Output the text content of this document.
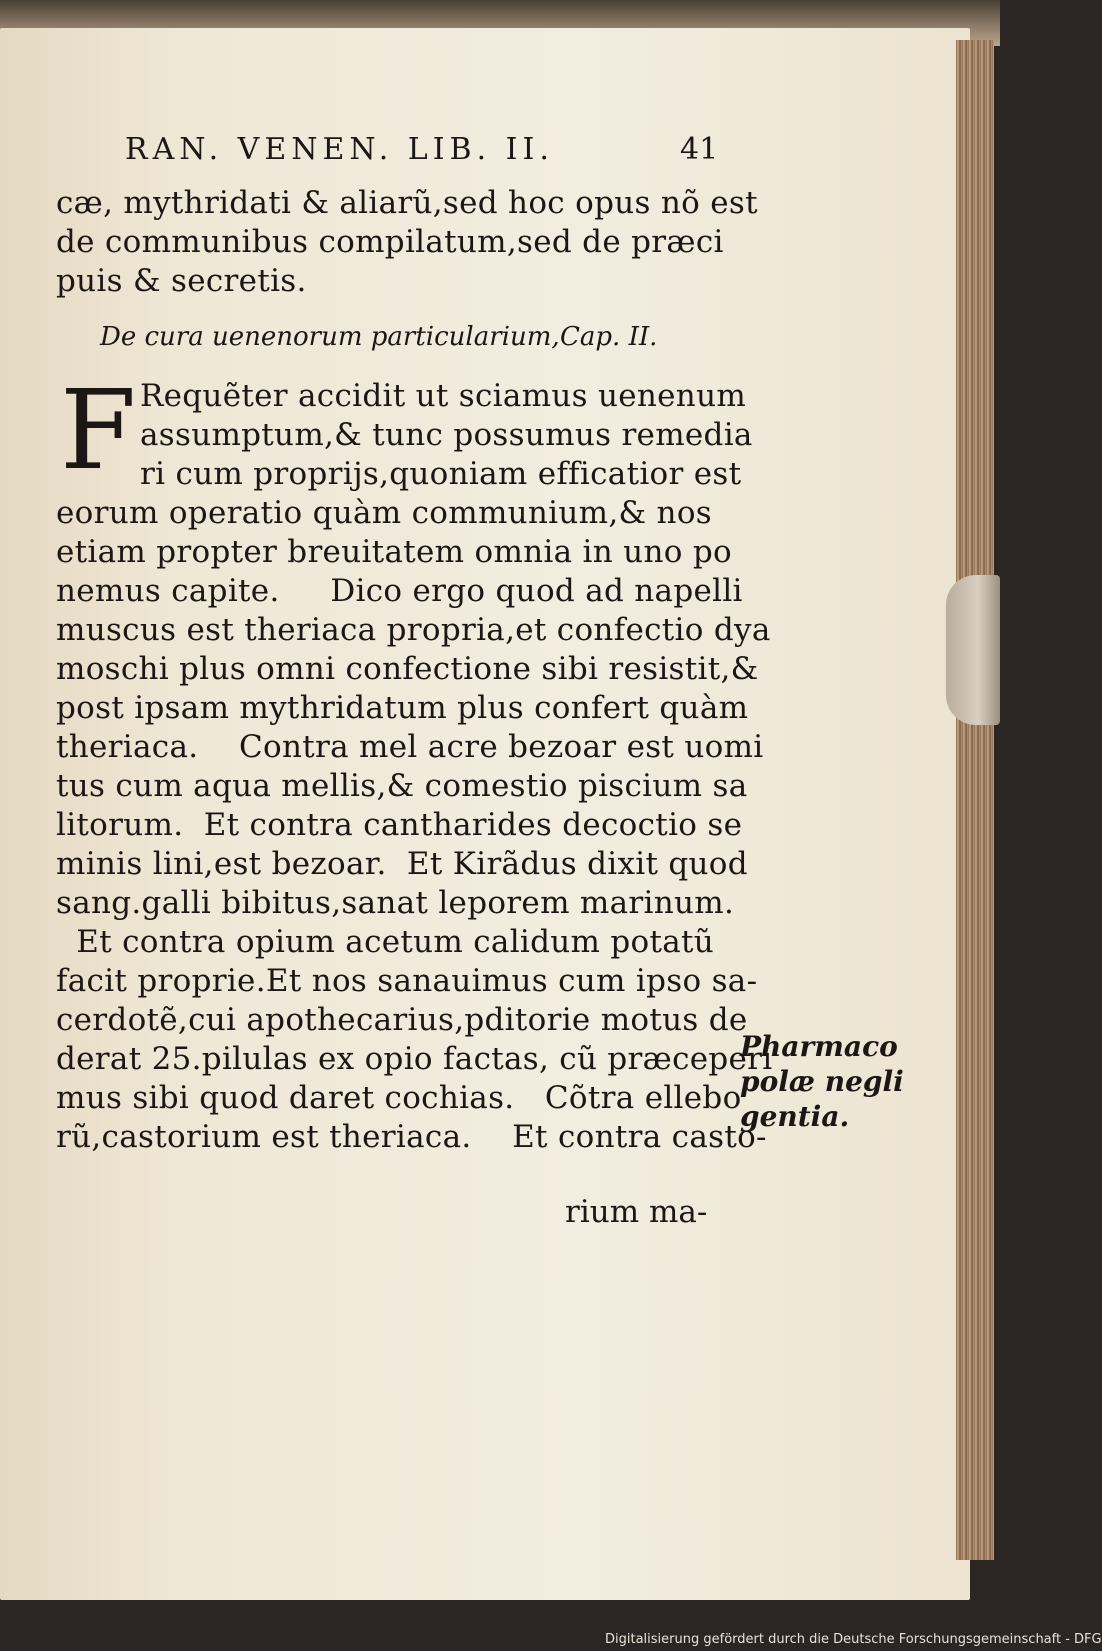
RAN. VENEN. LIB. II.	41
cæ, mythridati & aliarũ,sed hoc opus nõ est
de communibus compilatum,sed de præci
puis & secretis.
De cura uenenorum particularium, Cap. II.
F Requẽter accidit ut sciamus uenenum
assumptum,& tunc possumus remedia
ri cum proprijs,quoniam efficatior est
eorum operatio quàm communium,& nos
etiam propter breuitatem omnia in uno po
nemus capite.     Dico ergo quod ad napelli
muscus est theriaca propria,et confectio dya
moschi plus omni confectione sibi resistit,&
post ipsam mythridatum plus confert quàm
theriaca.    Contra mel acre bezoar est uomi
tus cum aqua mellis,& comestio piscium sa
litorum.  Et contra cantharides decoctio se
minis lini,est bezoar.  Et Kirãdus dixit quod
sang.galli bibitus,sanat leporem marinum.
Et contra opium acetum calidum potatũ
facit proprie.Et nos sanauimus cum ipso sa-
cerdotẽ,cui apothecarius,pditorie motus de
derat 25.pilulas ex opio factas, cũ præceperi
mus sibi quod daret cochias.   Cõtra ellebo
rũ,castorium est theriaca.    Et contra casto-
rium ma-
Pharmaco
polæ negli
gentia.
Digitalisierung gefördert durch die Deutsche Forschungsgemeinschaft - DFG
